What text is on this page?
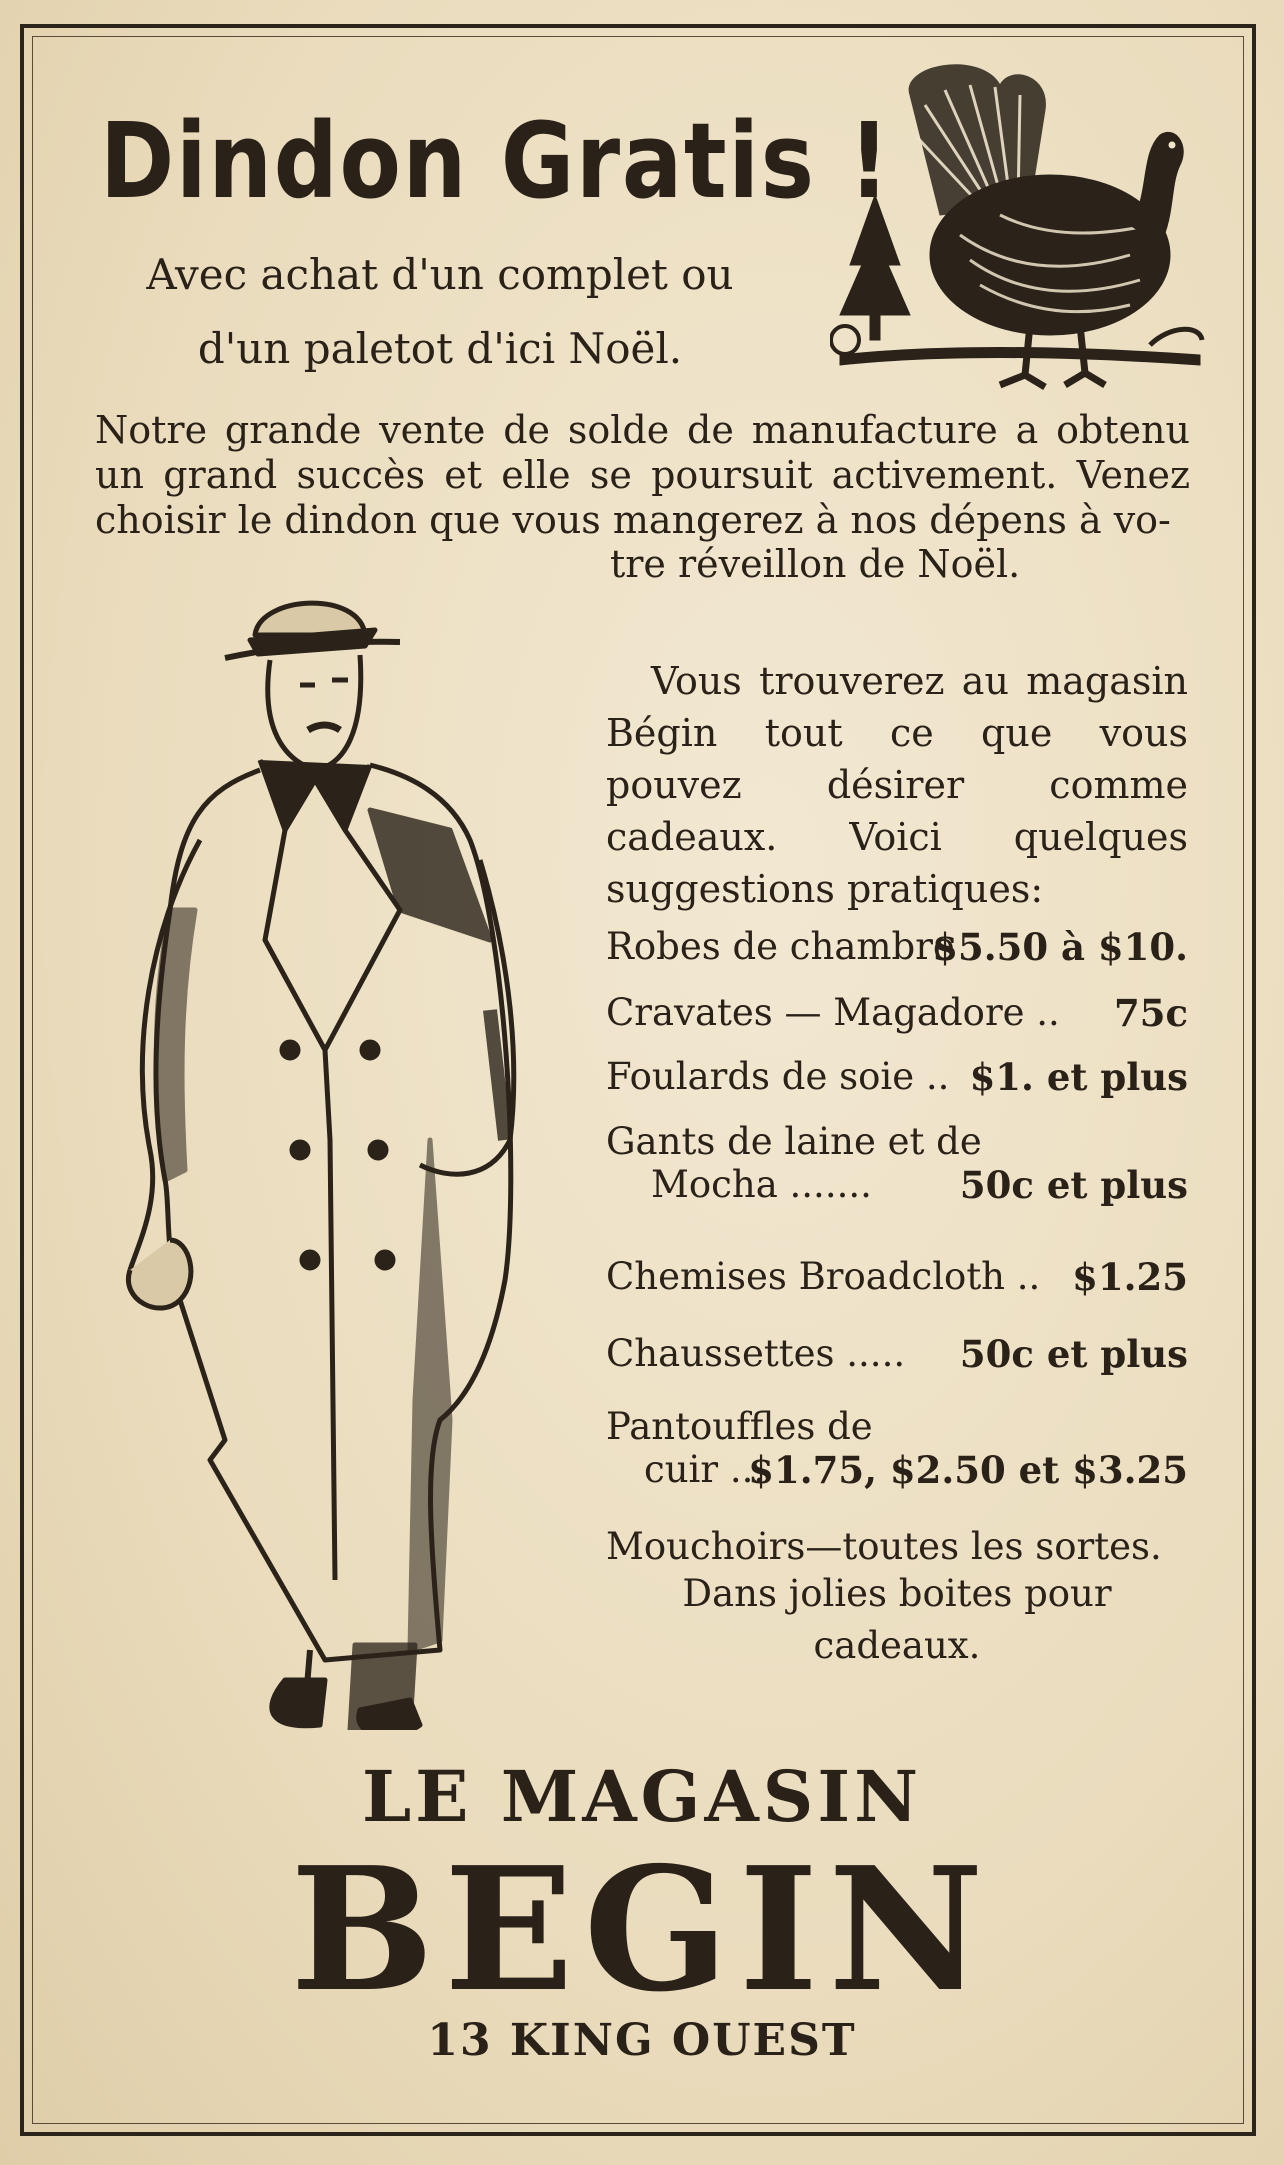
Dindon Gratis !
Avec achat d'un complet ou
d'un paletot d'ici Noël.
Notre grande vente de solde de manufacture a obtenu un grand succès et elle se poursuit activement. Venez choisir le dindon que vous mangerez à nos dépens à vo-
tre réveillon de Noël.

Vous trouverez au magasin Bégin tout ce que vous pouvez désirer comme cadeaux. Voici quelques suggestions pratiques:

Robes de chambre
$5.50 à $10.
Cravates — Magadore .. 75c
Foulards de soie .. $1. et plus
Gants de laine et de
Mocha ....... 50c et plus
Chemises Broadcloth .. $1.25
Chaussettes ..... 50c et plus
Pantoufﬂes de
cuir ...
$1.75, $2.50 et $3.25
Mouchoirs—toutes les sortes.
Dans jolies boites pour
cadeaux.
LE MAGASIN
BEGIN
13 KING OUEST
